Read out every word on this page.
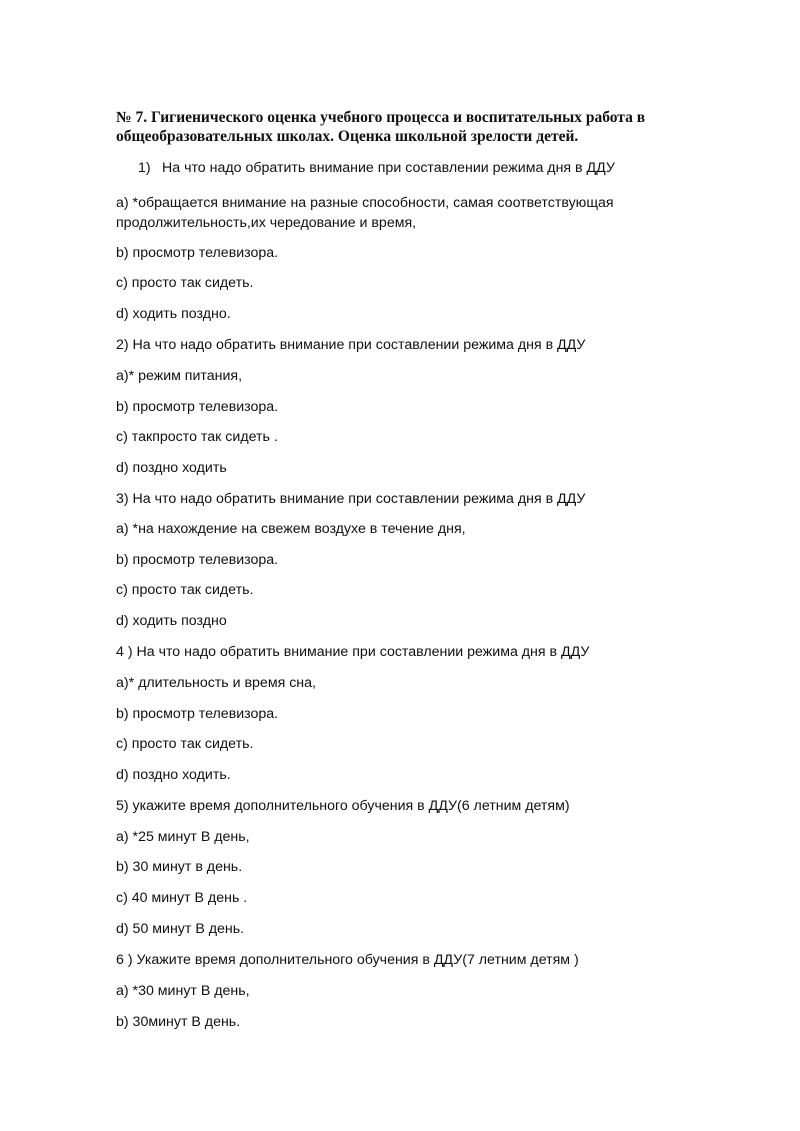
№ 7. Гигиенического оценка учебного процесса и воспитательных работа в общеобразовательных школах. Оценка школьной зрелости детей.
1) На что надо обратить внимание при составлении режима дня в ДДУ
a) *обращается внимание на разные способности, самая соответствующая продолжительность,их чередование и время,
b) просмотр телевизора.
c) просто так сидеть.
d) ходить поздно.
2) На что надо обратить внимание при составлении режима дня в ДДУ
a)* режим питания,
b) просмотр телевизора.
c) такпросто так сидеть .
d) поздно ходить
3) На что надо обратить внимание при составлении режима дня в ДДУ
a) *на нахождение на свежем воздухе в течение дня,
b) просмотр телевизора.
c) просто так сидеть.
d) ходить поздно
4 ) На что надо обратить внимание при составлении режима дня в ДДУ
a)* длительность и время сна,
b) просмотр телевизора.
c) просто так сидеть.
d) поздно ходить.
5) укажите время дополнительного обучения в ДДУ(6 летним детям)
a) *25 минут В день,
b) 30 минут в день.
c) 40 минут В день .
d) 50 минут В день.
6 ) Укажите время дополнительного обучения в ДДУ(7 летним детям )
a) *30 минут В день,
b) 30минут В день.
